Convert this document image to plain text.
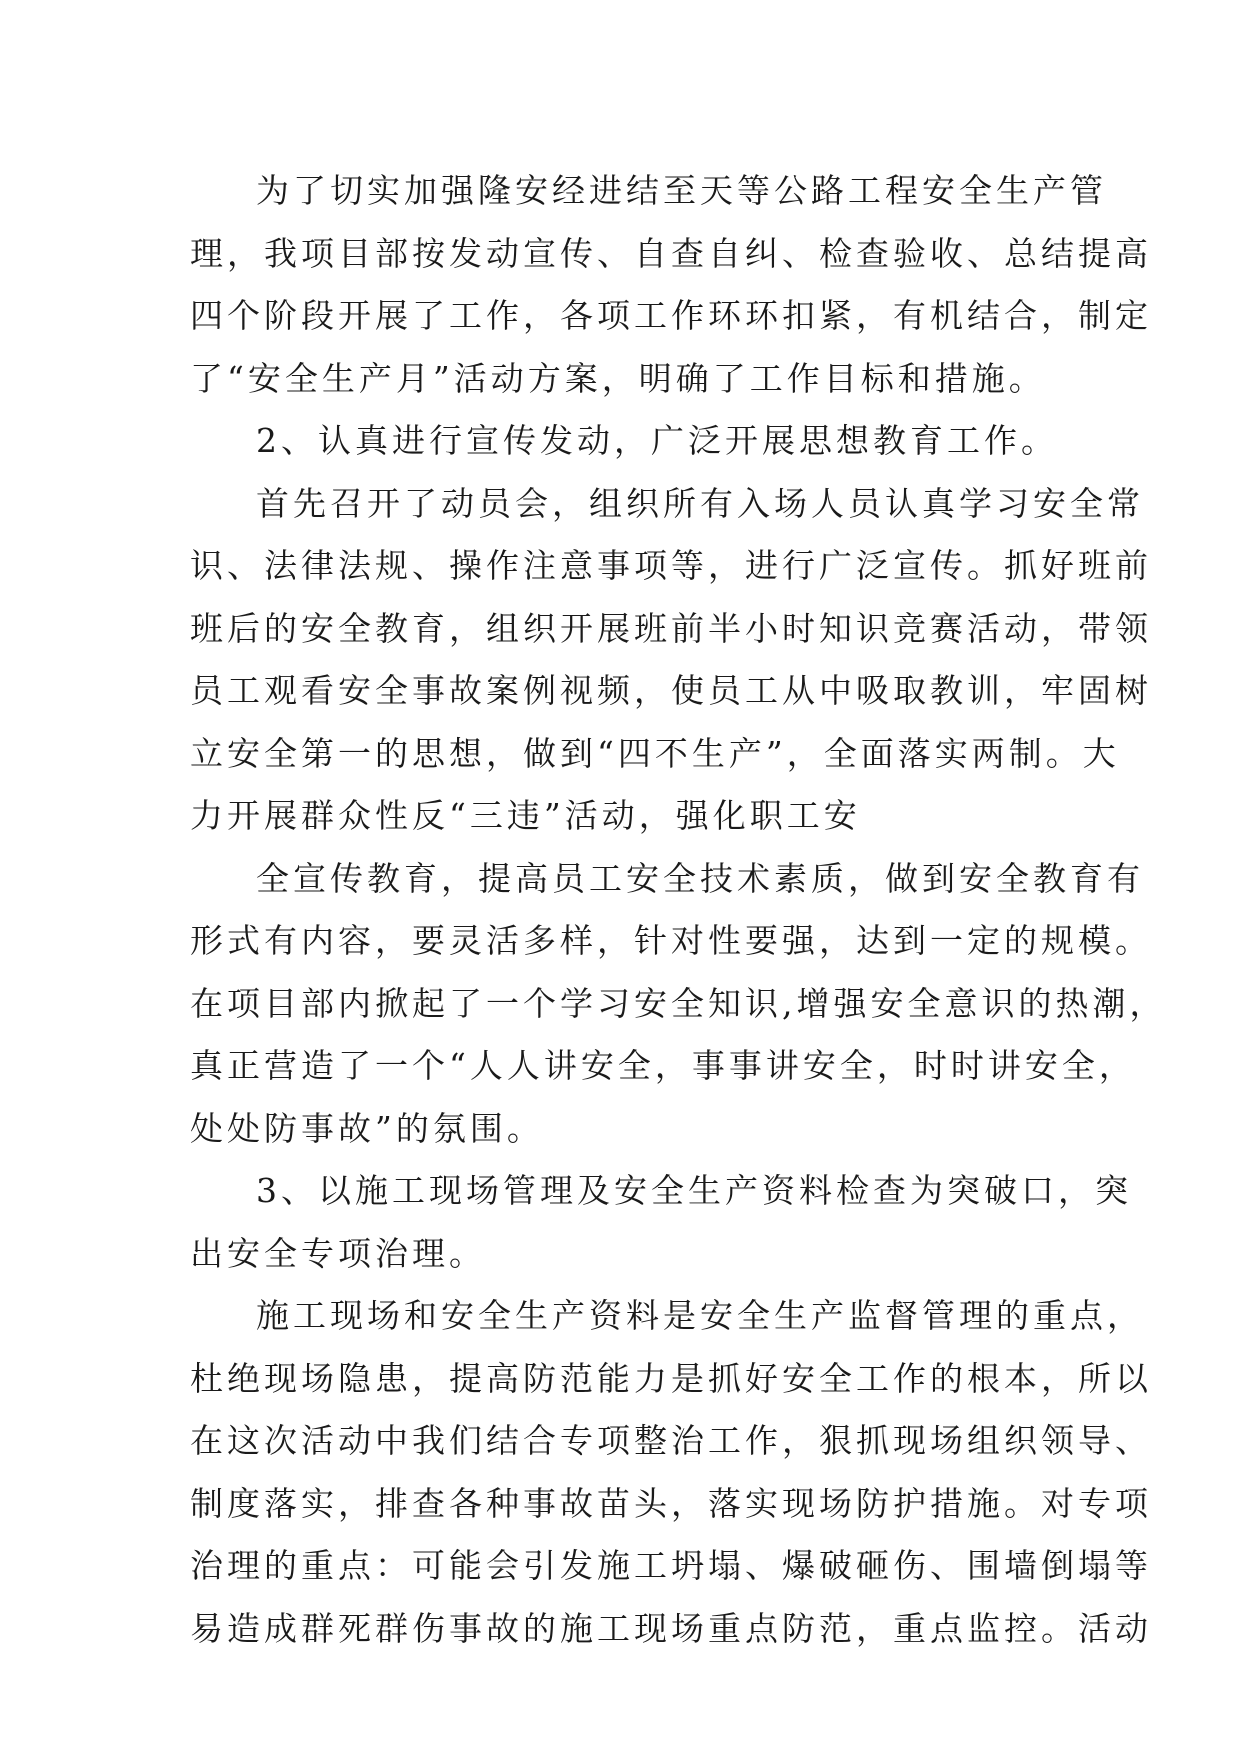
为了切实加强隆安经进结至天等公路工程安全生产管
理，我项目部按发动宣传、自查自纠、检查验收、总结提高
四个阶段开展了工作，各项工作环环扣紧，有机结合，制定
了“安全生产月”活动方案，明确了工作目标和措施。
2、认真进行宣传发动，广泛开展思想教育工作。
首先召开了动员会，组织所有入场人员认真学习安全常
识、法律法规、操作注意事项等，进行广泛宣传。抓好班前
班后的安全教育，组织开展班前半小时知识竞赛活动，带领
员工观看安全事故案例视频，使员工从中吸取教训，牢固树
立安全第一的思想，做到“四不生产”，全面落实两制。大
力开展群众性反“三违”活动，强化职工安
全宣传教育，提高员工安全技术素质，做到安全教育有
形式有内容，要灵活多样，针对性要强，达到一定的规模。
在项目部内掀起了一个学习安全知识,增强安全意识的热潮，
真正营造了一个“人人讲安全，事事讲安全，时时讲安全，
处处防事故”的氛围。
3、以施工现场管理及安全生产资料检查为突破口，突
出安全专项治理。
施工现场和安全生产资料是安全生产监督管理的重点，
杜绝现场隐患，提高防范能力是抓好安全工作的根本，所以
在这次活动中我们结合专项整治工作，狠抓现场组织领导、
制度落实，排查各种事故苗头，落实现场防护措施。对专项
治理的重点：可能会引发施工坍塌、爆破砸伤、围墙倒塌等
易造成群死群伤事故的施工现场重点防范，重点监控。活动
